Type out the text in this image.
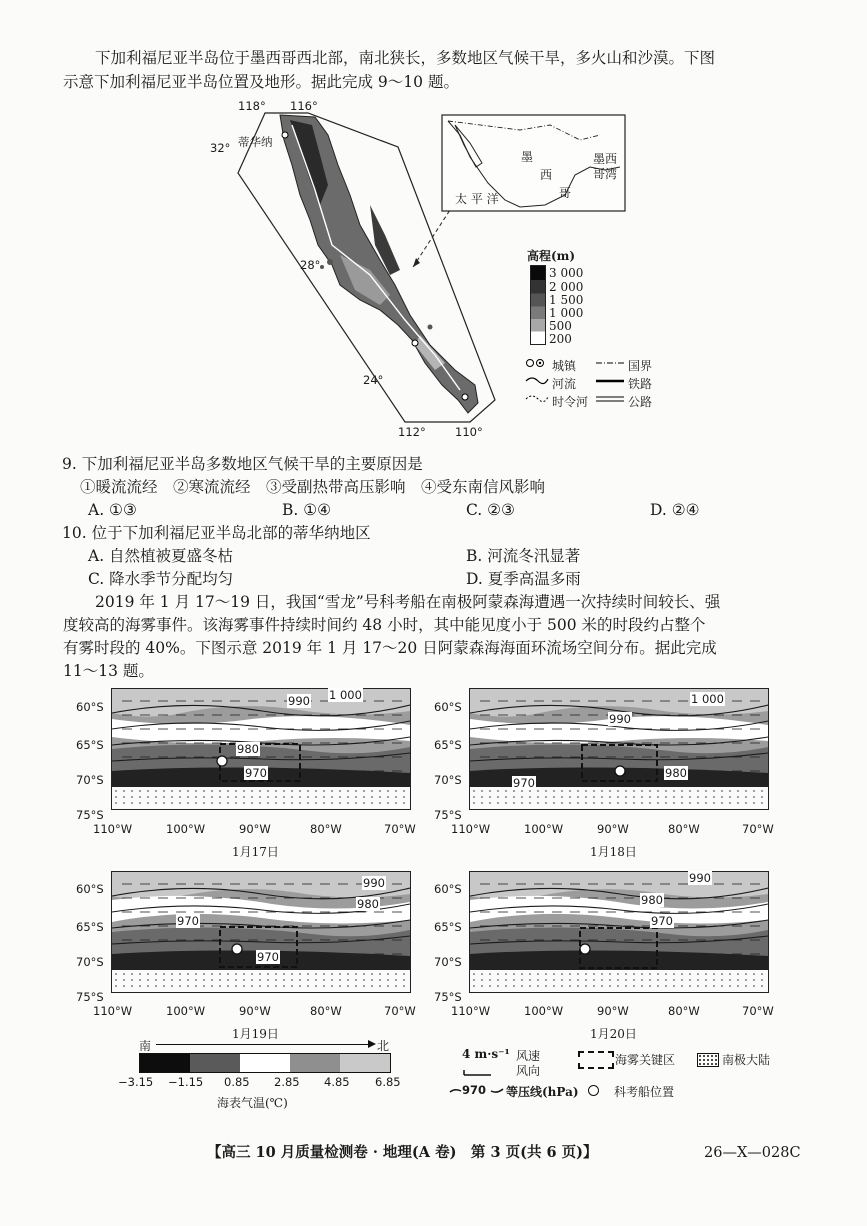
下加利福尼亚半岛位于墨西哥西北部，南北狭长，多数地区气候干旱，多火山和沙漠。下图
示意下加利福尼亚半岛位置及地形。据此完成 9～10 题。
118° 116°
32° 蒂华纳
28°
24°
112°	110°
墨
西
哥
墨西
哥湾
太 平 洋
高程(m)
3 000
2 000
1 500
1 000
500
200
城镇	国界
河流	铁路
时令河	公路
9. 下加利福尼亚半岛多数地区气候干旱的主要原因是
①暖流流经　②寒流流经　③受副热带高压影响　④受东南信风影响
A. ①③	B. ①④	C. ②③	D. ②④
10. 位于下加利福尼亚半岛北部的蒂华纳地区
A. 自然植被夏盛冬枯	B. 河流冬汛显著
C. 降水季节分配均匀	D. 夏季高温多雨
2019 年 1 月 17～19 日，我国“雪龙”号科考船在南极阿蒙森海遭遇一次持续时间较长、强
度较高的海雾事件。该海雾事件持续时间约 48 小时，其中能见度小于 500 米的时段约占整个
有雾时段的 40%。下图示意 2019 年 1 月 17～20 日阿蒙森海海面环流场空间分布。据此完成
11～13 题。
60°S
65°S
70°S
75°S
110°W	100°W	90°W	80°W	70°W
1月17日
60°S
65°S
70°S
75°S
110°W	100°W	90°W	80°W	70°W
1月18日
60°S
65°S
70°S
75°S
110°W	100°W	90°W	80°W	70°W
1月19日
60°S
65°S
70°S
75°S
110°W	100°W	90°W	80°W	70°W
1月20日
1 000
990
980
970
1 000
990
980
970
990
980
970
970
990
980
970
南	北
−3.15 −1.15 0.85 2.85 4.85 6.85
海表气温(℃)
4 m·s⁻¹ 风速
风向
海雾关键区	南极大陆
970 等压线(hPa)	科考船位置
【高三 10 月质量检测卷 · 地理(A 卷)　第 3 页(共 6 页)】	26—X—028C
